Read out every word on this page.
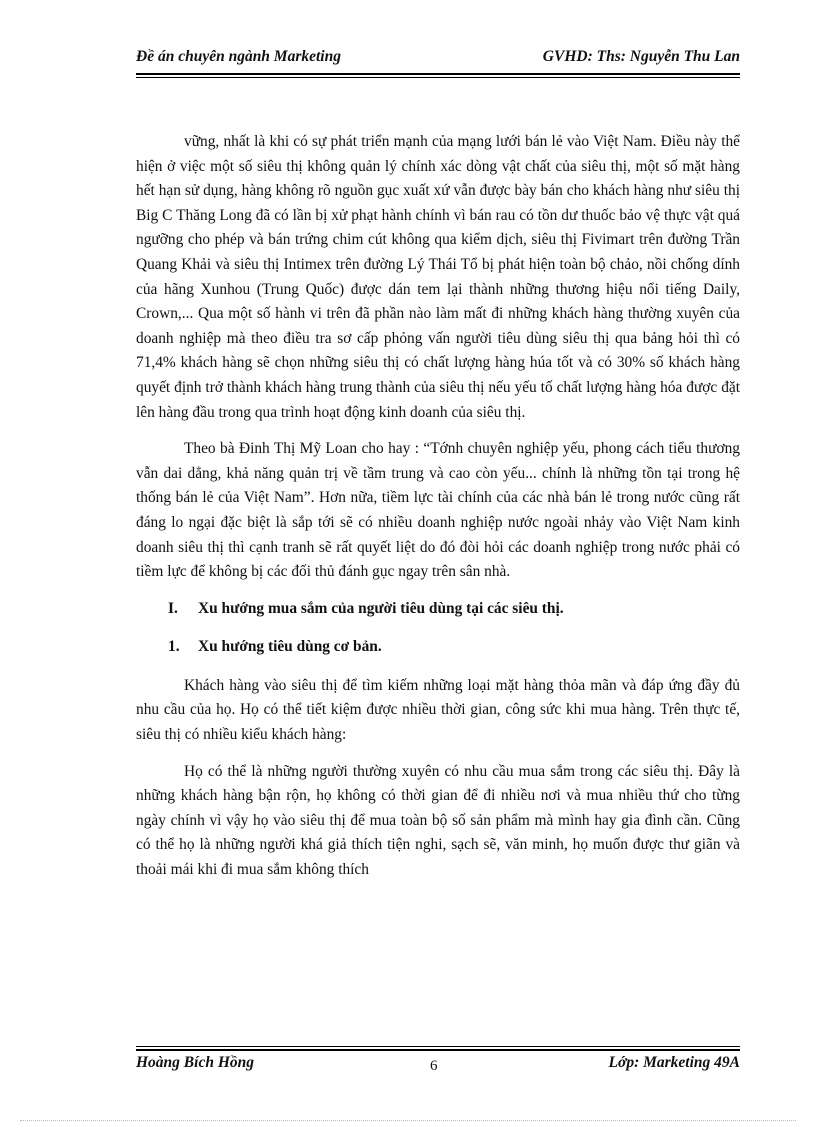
Đề án chuyên ngành Marketing	GVHD: Ths: Nguyễn Thu Lan

vững, nhất là khi có sự phát triển mạnh của mạng lưới bán lẻ vào Việt Nam. Điều này thể hiện ở việc một số siêu thị không quản lý chính xác dòng vật chất của siêu thị, một số mặt hàng hết hạn sử dụng, hàng không rõ nguồn gục xuất xứ vẫn được bày bán cho khách hàng như siêu thị Big C Thăng Long đã có lần bị xử phạt hành chính vì bán rau có tồn dư thuốc bảo vệ thực vật quá ngưỡng cho phép và bán trứng chim cút không qua kiểm dịch, siêu thị Fivimart trên đường Trần Quang Khải và siêu thị Intimex trên đường Lý Thái Tổ bị phát hiện toàn bộ chảo, nồi chống dính của hãng Xunhou (Trung Quốc) được dán tem lại thành những thương hiệu nổi tiếng Daily, Crown,... Qua một số hành vi trên đã phần nào làm mất đi những khách hàng thường xuyên của doanh nghiệp mà theo điều tra sơ cấp phỏng vấn người tiêu dùng siêu thị qua bảng hỏi thì có 71,4% khách hàng sẽ chọn những siêu thị có chất lượng hàng húa tốt và có 30% số khách hàng quyết định trở thành khách hàng trung thành của siêu thị nếu yếu tố chất lượng hàng hóa được đặt lên hàng đầu trong qua trình hoạt động kinh doanh của siêu thị.

Theo bà Đinh Thị Mỹ Loan cho hay : “Tớnh chuyên nghiệp yếu, phong cách tiểu thương vẫn dai dẳng, khả năng quản trị về tầm trung và cao còn yếu... chính là những tồn tại trong hệ thống bán lẻ của Việt Nam”. Hơn nữa, tiềm lực tài chính của các nhà bán lẻ trong nước cũng rất đáng lo ngại đặc biệt là sắp tới sẽ có nhiều doanh nghiệp nước ngoài nhảy vào Việt Nam kinh doanh siêu thị thì cạnh tranh sẽ rất quyết liệt do đó đòi hỏi các doanh nghiệp trong nước phải có tiềm lực để không bị các đối thủ đánh gục ngay trên sân nhà.

I. Xu hướng mua sắm của người tiêu dùng tại các siêu thị.
1. Xu hướng tiêu dùng cơ bản.

Khách hàng vào siêu thị để tìm kiếm những loại mặt hàng thỏa mãn và đáp ứng đầy đủ nhu cầu của họ. Họ có thể tiết kiệm được nhiều thời gian, công sức khi mua hàng. Trên thực tế, siêu thị có nhiều kiểu khách hàng:

Họ có thể là những người thường xuyên có nhu cầu mua sắm trong các siêu thị. Đây là những khách hàng bận rộn, họ không có thời gian để đi nhiều nơi và mua nhiều thứ cho từng ngày chính vì vậy họ vào siêu thị để mua toàn bộ số sản phẩm mà mình hay gia đình cần. Cũng có thể họ là những người khá giả thích tiện nghi, sạch sẽ, văn minh, họ muốn được thư giãn và thoải mái khi đi mua sắm không thích

Hoàng Bích Hồng	6	Lớp: Marketing 49A
